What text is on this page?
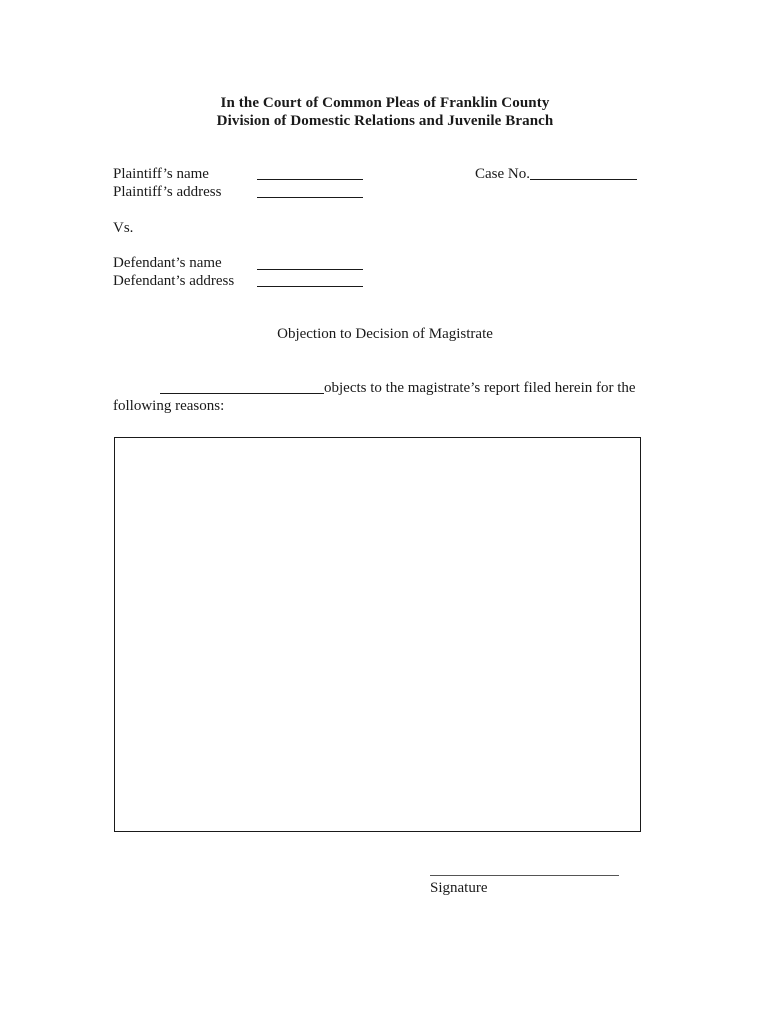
In the Court of Common Pleas of Franklin County
Division of Domestic Relations and Juvenile Branch
Plaintiff’s name
Plaintiff’s address
Case No.
Vs.
Defendant’s name
Defendant’s address
Objection to Decision of Magistrate
objects to the magistrate’s report filed herein for the
following reasons:
Signature
